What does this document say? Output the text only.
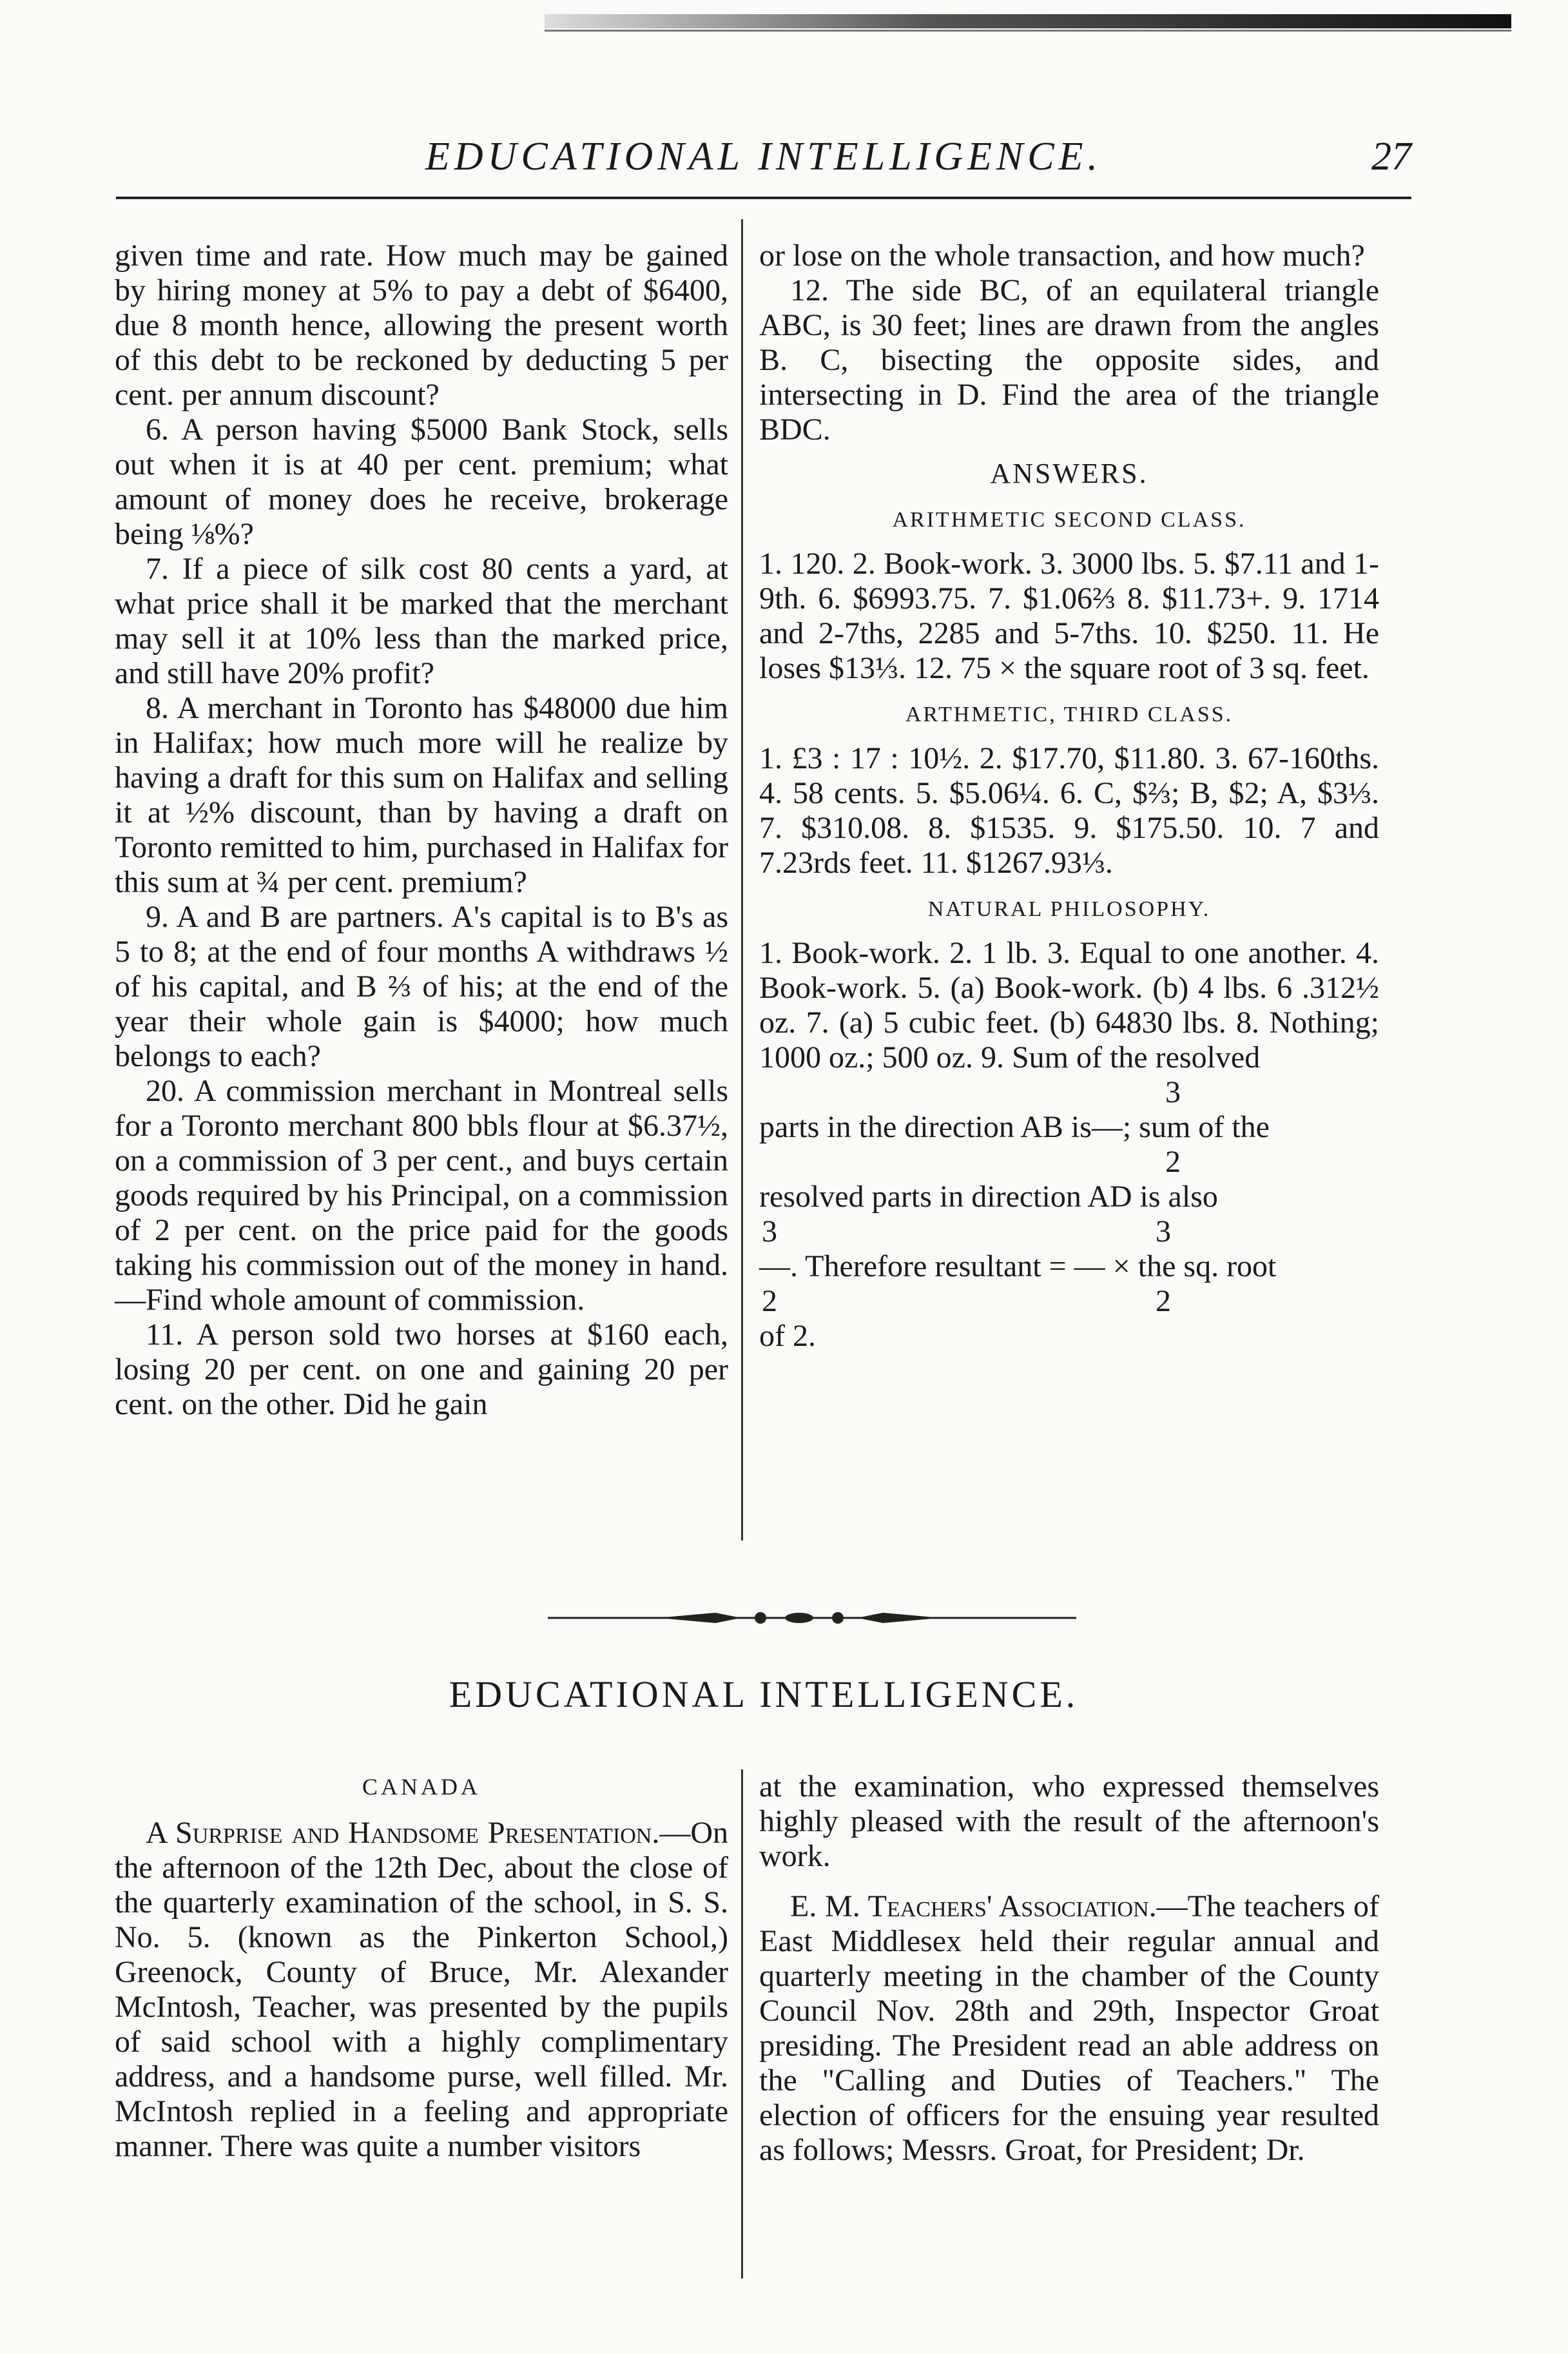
EDUCATIONAL INTELLIGENCE.	27

given time and rate. How much may be gained by hiring money at 5% to pay a debt of $6400, due 8 month hence, allowing the present worth of this debt to be reckoned by deducting 5 per cent. per annum discount?

6. A person having $5000 Bank Stock, sells out when it is at 40 per cent. premium; what amount of money does he receive, brokerage being ⅛%?

7. If a piece of silk cost 80 cents a yard, at what price shall it be marked that the merchant may sell it at 10% less than the marked price, and still have 20% profit?

8. A merchant in Toronto has $48000 due him in Halifax; how much more will he realize by having a draft for this sum on Halifax and selling it at ½% discount, than by having a draft on Toronto remitted to him, purchased in Halifax for this sum at ¾ per cent. premium?

9. A and B are partners. A's capital is to B's as 5 to 8; at the end of four months A withdraws ½ of his capital, and B ⅔ of his; at the end of the year their whole gain is $4000; how much belongs to each?

20. A commission merchant in Montreal sells for a Toronto merchant 800 bbls flour at $6.37½, on a commission of 3 per cent., and buys certain goods required by his Principal, on a commission of 2 per cent. on the price paid for the goods taking his commission out of the money in hand.—Find whole amount of commission.

11. A person sold two horses at $160 each, losing 20 per cent. on one and gaining 20 per cent. on the other. Did he gain

or lose on the whole transaction, and how much?

12. The side BC, of an equilateral triangle ABC, is 30 feet; lines are drawn from the angles B. C, bisecting the opposite sides, and intersecting in D. Find the area of the triangle BDC.

ANSWERS.
ARITHMETIC SECOND CLASS.

1. 120. 2. Book-work. 3. 3000 lbs. 5. $7.11 and 1-9th. 6. $6993.75. 7. $1.06⅔ 8. $11.73+. 9. 1714 and 2-7ths, 2285 and 5-7ths. 10. $250. 11. He loses $13⅓. 12. 75 × the square root of 3 sq. feet.

ARTHMETIC, THIRD CLASS.

1. £3 : 17 : 10½. 2. $17.70, $11.80. 3. 67-160ths. 4. 58 cents. 5. $5.06¼. 6. C, $⅔; B, $2; A, $3⅓. 7. $310.08. 8. $1535. 9. $175.50. 10. 7 and 7.23rds feet. 11. $1267.93⅓.

NATURAL PHILOSOPHY.

1. Book-work. 2. 1 lb. 3. Equal to one another. 4. Book-work. 5. (a) Book-work. (b) 4 lbs. 6 .312½ oz. 7. (a) 5 cubic feet. (b) 64830 lbs. 8. Nothing; 1000 oz.; 500 oz. 9. Sum of the resolved

3
parts in the direction AB is—; sum of the
2
resolved parts in direction AD is also
3	3
—. Therefore resultant = — × the sq. root
2	2
of 2.
EDUCATIONAL INTELLIGENCE.
CANADA

A Surprise and Handsome Presentation.—On the afternoon of the 12th Dec, about the close of the quarterly examination of the school, in S. S. No. 5. (known as the Pinkerton School,) Greenock, County of Bruce, Mr. Alexander McIntosh, Teacher, was presented by the pupils of said school with a highly complimentary address, and a handsome purse, well filled. Mr. McIntosh replied in a feeling and appropriate manner. There was quite a number visitors

at the examination, who expressed themselves highly pleased with the result of the afternoon's work.

E. M. Teachers' Association.—The teachers of East Middlesex held their regular annual and quarterly meeting in the chamber of the County Council Nov. 28th and 29th, Inspector Groat presiding. The President read an able address on the "Calling and Duties of Teachers." The election of officers for the ensuing year resulted as follows; Messrs. Groat, for President; Dr.
